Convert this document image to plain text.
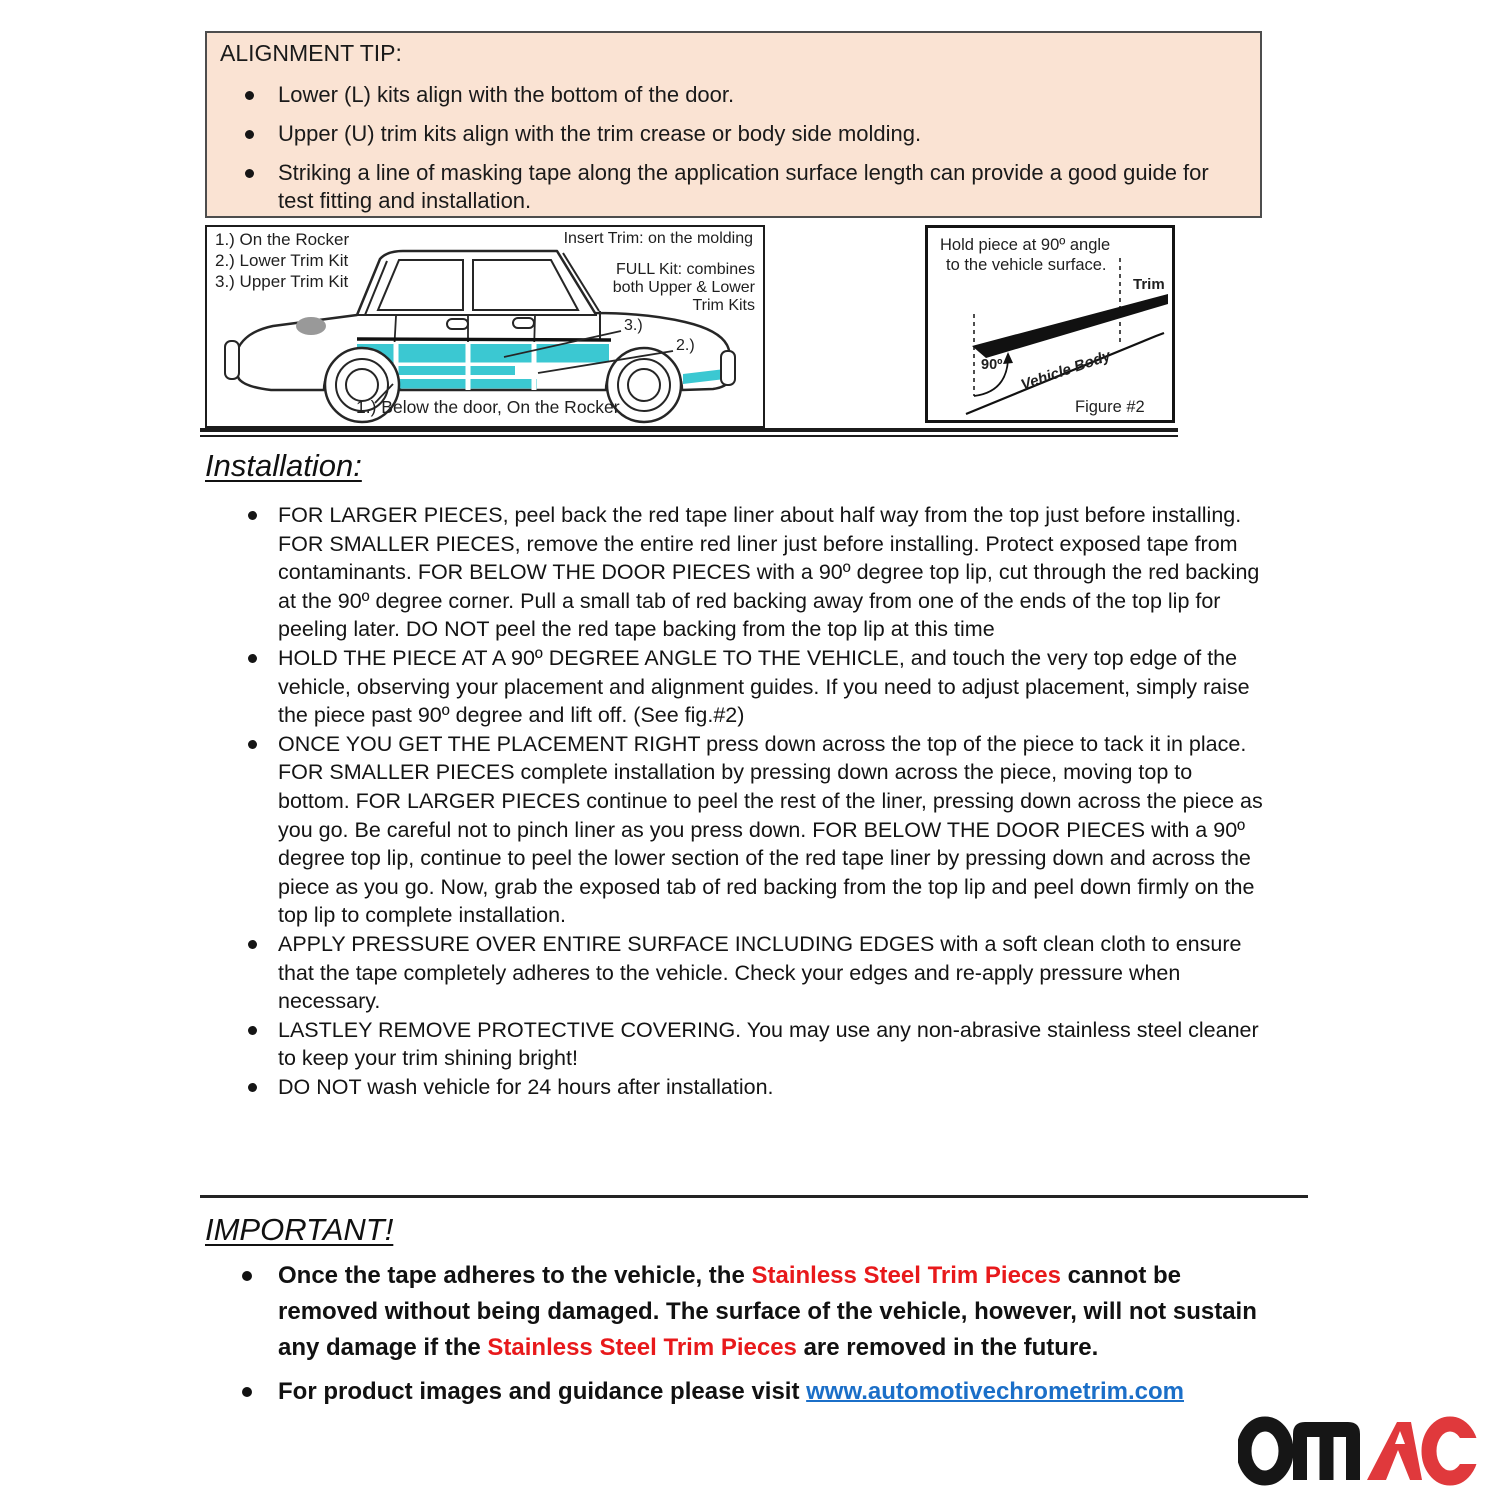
ALIGNMENT TIP:
Lower (L) kits align with the bottom of the door.
Upper (U) trim kits align with the trim crease or body side molding.
Striking a line of masking tape along the application surface length can provide a good guide for test fitting and installation.
1.) On the Rocker
2.) Lower Trim Kit
3.) Upper Trim Kit
Insert Trim: on the molding
FULL Kit: combines
both Upper & Lower
Trim Kits
3.)
2.)
1.) Below the door, On the Rocker
Hold piece at 90º angle
to the vehicle surface.
90º
Trim
Vehicle Body
Figure #2
Installation:
FOR LARGER PIECES, peel back the red tape liner about half way from the top just before installing. FOR SMALLER PIECES, remove the entire red liner just before installing. Protect exposed tape from contaminants. FOR BELOW THE DOOR PIECES with a 90º degree top lip, cut through the red backing at the 90º degree corner. Pull a small tab of red backing away from one of the ends of the top lip for peeling later. DO NOT peel the red tape backing from the top lip at this time
HOLD THE PIECE AT A 90º DEGREE ANGLE TO THE VEHICLE, and touch the very top edge of the vehicle, observing your placement and alignment guides. If you need to adjust placement, simply raise the piece past 90º degree and lift off. (See fig.#2)
ONCE YOU GET THE PLACEMENT RIGHT press down across the top of the piece to tack it in place. FOR SMALLER PIECES complete installation by pressing down across the piece, moving top to bottom. FOR LARGER PIECES continue to peel the rest of the liner, pressing down across the piece as you go. Be careful not to pinch liner as you press down. FOR BELOW THE DOOR PIECES with a 90º degree top lip, continue to peel the lower section of the red tape liner by pressing down and across the piece as you go. Now, grab the exposed tab of red backing from the top lip and peel down firmly on the top lip to complete installation.
APPLY PRESSURE OVER ENTIRE SURFACE INCLUDING EDGES with a soft clean cloth to ensure that the tape completely adheres to the vehicle. Check your edges and re-apply pressure when necessary.
LASTLEY REMOVE PROTECTIVE COVERING. You may use any non-abrasive stainless steel cleaner to keep your trim shining bright!
DO NOT wash vehicle for 24 hours after installation.
IMPORTANT!
Once the tape adheres to the vehicle, the Stainless Steel Trim Pieces cannot be removed without being damaged. The surface of the vehicle, however, will not sustain any damage if the Stainless Steel Trim Pieces are removed in the future.
For product images and guidance please visit www.automotivechrometrim.com
